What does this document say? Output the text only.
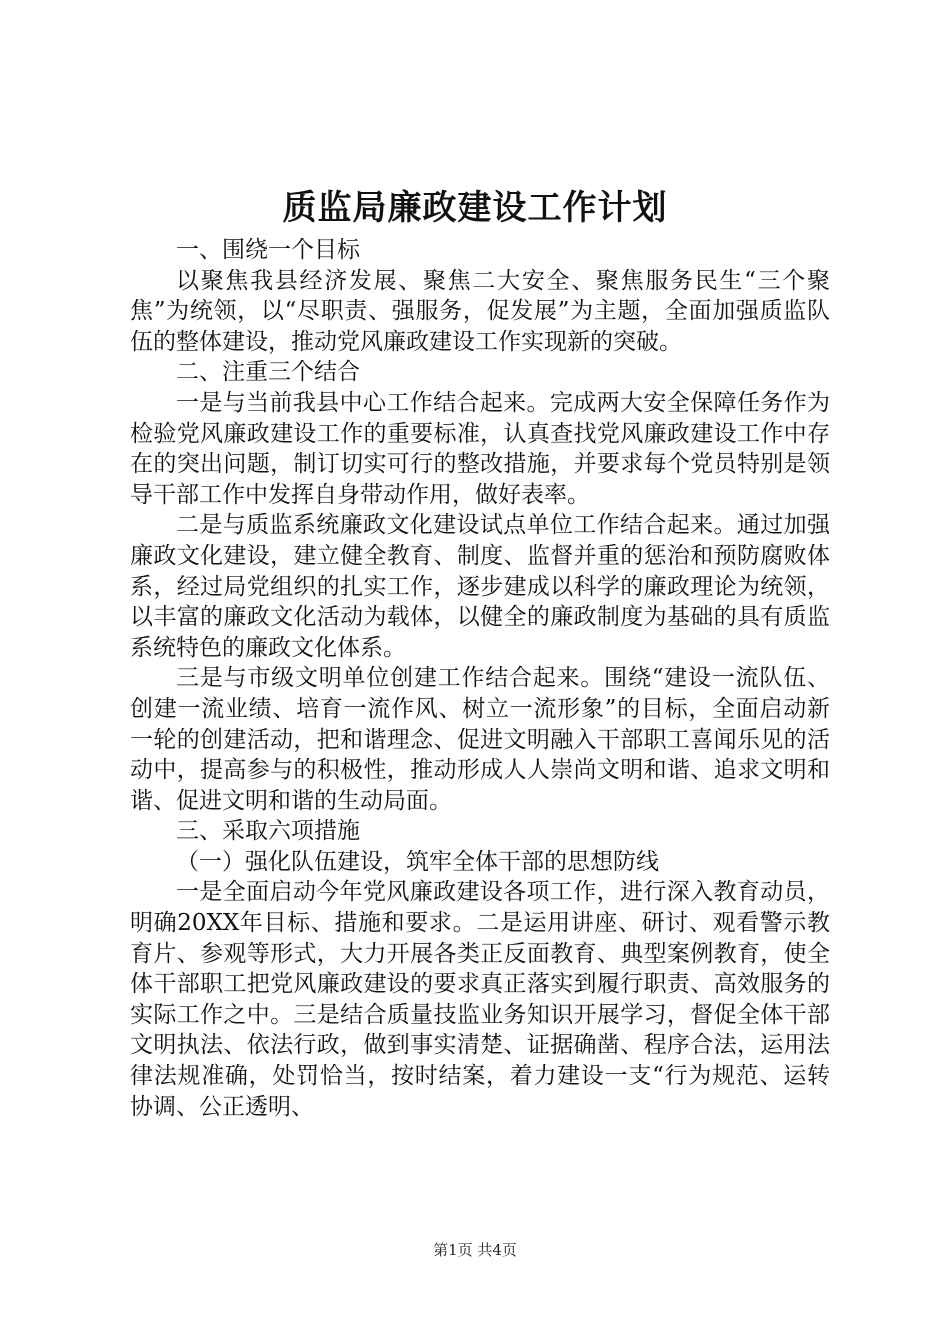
质监局廉政建设工作计划

一、围绕一个目标

以聚焦我县经济发展、聚焦二大安全、聚焦服务民生“三个聚焦”为统领，以“尽职责、强服务，促发展”为主题，全面加强质监队伍的整体建设，推动党风廉政建设工作实现新的突破。

二、注重三个结合

一是与当前我县中心工作结合起来。完成两大安全保障任务作为检验党风廉政建设工作的重要标准，认真查找党风廉政建设工作中存在的突出问题，制订切实可行的整改措施，并要求每个党员特别是领导干部工作中发挥自身带动作用，做好表率。

二是与质监系统廉政文化建设试点单位工作结合起来。通过加强廉政文化建设，建立健全教育、制度、监督并重的惩治和预防腐败体系，经过局党组织的扎实工作，逐步建成以科学的廉政理论为统领，以丰富的廉政文化活动为载体，以健全的廉政制度为基础的具有质监系统特色的廉政文化体系。

三是与市级文明单位创建工作结合起来。围绕“建设一流队伍、创建一流业绩、培育一流作风、树立一流形象”的目标，全面启动新一轮的创建活动，把和谐理念、促进文明融入干部职工喜闻乐见的活动中，提高参与的积极性，推动形成人人崇尚文明和谐、追求文明和谐、促进文明和谐的生动局面。

三、采取六项措施

（一）强化队伍建设，筑牢全体干部的思想防线

一是全面启动今年党风廉政建设各项工作，进行深入教育动员，明确20XX年目标、措施和要求。二是运用讲座、研讨、观看警示教育片、参观等形式，大力开展各类正反面教育、典型案例教育，使全体干部职工把党风廉政建设的要求真正落实到履行职责、高效服务的实际工作之中。三是结合质量技监业务知识开展学习，督促全体干部文明执法、依法行政，做到事实清楚、证据确凿、程序合法，运用法律法规准确，处罚恰当，按时结案，着力建设一支“行为规范、运转协调、公正透明、

第1页 共4页
